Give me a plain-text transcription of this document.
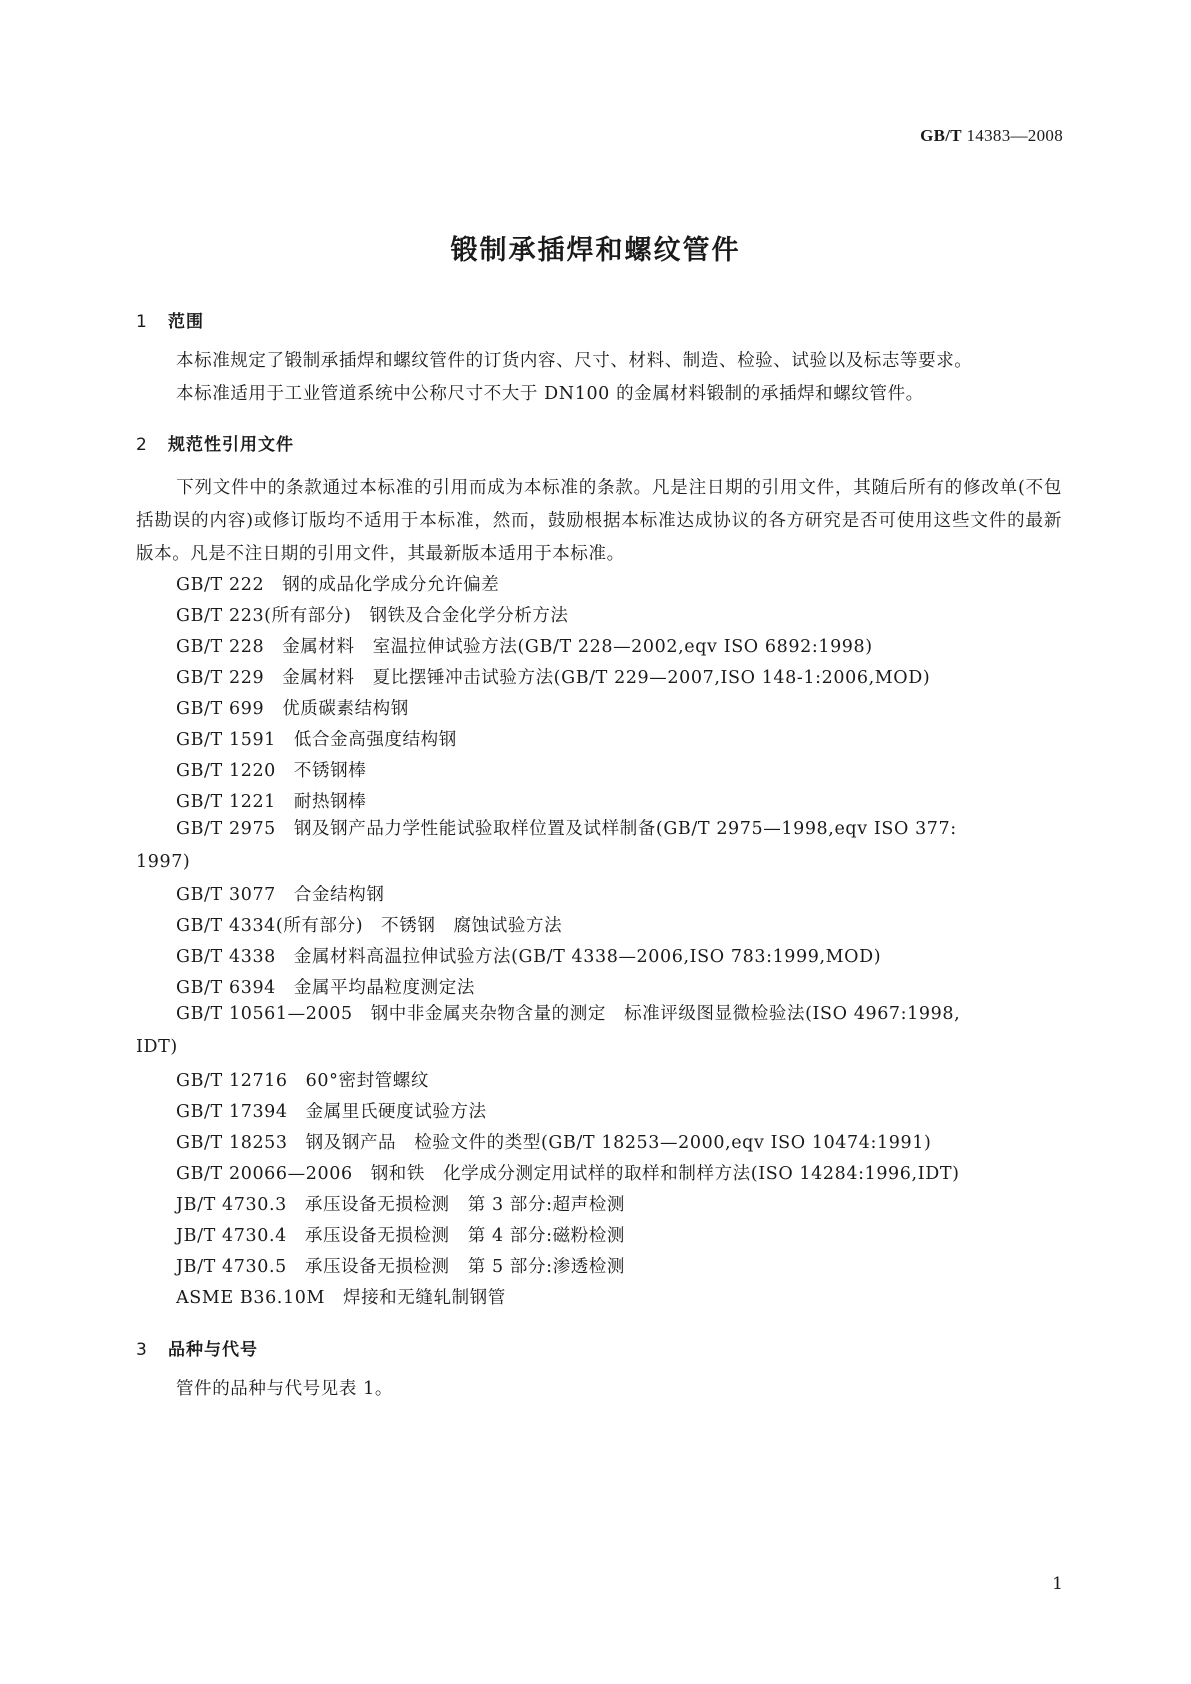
GB/T 14383—2008
锻制承插焊和螺纹管件
1 范围
本标准规定了锻制承插焊和螺纹管件的订货内容、尺寸、材料、制造、检验、试验以及标志等要求。
本标准适用于工业管道系统中公称尺寸不大于 DN100 的金属材料锻制的承插焊和螺纹管件。
2 规范性引用文件
下列文件中的条款通过本标准的引用而成为本标准的条款。凡是注日期的引用文件，其随后所有的修改单(不包括勘误的内容)或修订版均不适用于本标准，然而，鼓励根据本标准达成协议的各方研究是否可使用这些文件的最新版本。凡是不注日期的引用文件，其最新版本适用于本标准。
GB/T 222 钢的成品化学成分允许偏差
GB/T 223(所有部分) 钢铁及合金化学分析方法
GB/T 228 金属材料　室温拉伸试验方法(GB/T 228—2002,eqv ISO 6892:1998)
GB/T 229 金属材料　夏比摆锤冲击试验方法(GB/T 229—2007,ISO 148-1:2006,MOD)
GB/T 699 优质碳素结构钢
GB/T 1591 低合金高强度结构钢
GB/T 1220 不锈钢棒
GB/T 1221 耐热钢棒
GB/T 2975 钢及钢产品力学性能试验取样位置及试样制备(GB/T 2975—1998,eqv ISO 377:
1997)
GB/T 3077 合金结构钢
GB/T 4334(所有部分) 不锈钢　腐蚀试验方法
GB/T 4338 金属材料高温拉伸试验方法(GB/T 4338—2006,ISO 783:1999,MOD)
GB/T 6394 金属平均晶粒度测定法
GB/T 10561—2005 钢中非金属夹杂物含量的测定　标准评级图显微检验法(ISO 4967:1998,
IDT)
GB/T 12716 60°密封管螺纹
GB/T 17394 金属里氏硬度试验方法
GB/T 18253 钢及钢产品　检验文件的类型(GB/T 18253—2000,eqv ISO 10474:1991)
GB/T 20066—2006 钢和铁　化学成分测定用试样的取样和制样方法(ISO 14284:1996,IDT)
JB/T 4730.3 承压设备无损检测　第 3 部分:超声检测
JB/T 4730.4 承压设备无损检测　第 4 部分:磁粉检测
JB/T 4730.5 承压设备无损检测　第 5 部分:渗透检测
ASME B36.10M 焊接和无缝轧制钢管
3 品种与代号
管件的品种与代号见表 1。
1
